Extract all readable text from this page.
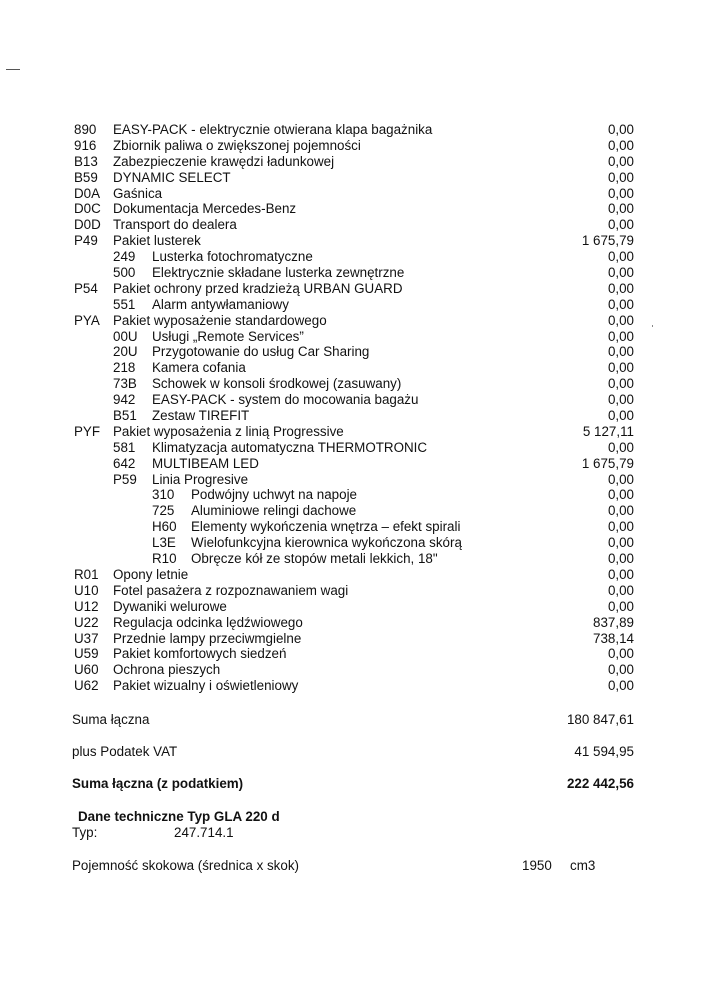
890 EASY-PACK - elektrycznie otwierana klapa bagażnika	0,00
916 Zbiornik paliwa o zwiększonej pojemności	0,00
B13 Zabezpieczenie krawędzi ładunkowej	0,00
B59 DYNAMIC SELECT	0,00
D0A Gaśnica	0,00
D0C Dokumentacja Mercedes-Benz	0,00
D0D Transport do dealera	0,00
P49 Pakiet lusterek	1 675,79
249 Lusterka fotochromatyczne	0,00
500 Elektrycznie składane lusterka zewnętrzne	0,00
P54 Pakiet ochrony przed kradzieżą URBAN GUARD	0,00
551 Alarm antywłamaniowy	0,00
PYA Pakiet wyposażenie standardowego	0,00
00U Usługi „Remote Services”	0,00
20U Przygotowanie do usług Car Sharing	0,00
218 Kamera cofania	0,00
73B Schowek w konsoli środkowej (zasuwany)	0,00
942 EASY-PACK - system do mocowania bagażu	0,00
B51 Zestaw TIREFIT	0,00
PYF Pakiet wyposażenia z linią Progressive	5 127,11
581 Klimatyzacja automatyczna THERMOTRONIC	0,00
642 MULTIBEAM LED	1 675,79
P59 Linia Progresive	0,00
310 Podwójny uchwyt na napoje	0,00
725 Aluminiowe relingi dachowe	0,00
H60 Elementy wykończenia wnętrza – efekt spirali	0,00
L3E Wielofunkcyjna kierownica wykończona skórą	0,00
R10 Obręcze kół ze stopów metali lekkich, 18"	0,00
R01 Opony letnie	0,00
U10 Fotel pasażera z rozpoznawaniem wagi	0,00
U12 Dywaniki welurowe	0,00
U22 Regulacja odcinka lędźwiowego	837,89
U37 Przednie lampy przeciwmgielne	738,14
U59 Pakiet komfortowych siedzeń	0,00
U60 Ochrona pieszych	0,00
U62 Pakiet wizualny i oświetleniowy	0,00
Suma łączna	180 847,61
plus Podatek VAT	41 594,95
Suma łączna (z podatkiem)	222 442,56
Dane techniczne Typ GLA 220 d
Typ:	247.714.1
Pojemność skokowa (średnica x skok)	1950 cm3
